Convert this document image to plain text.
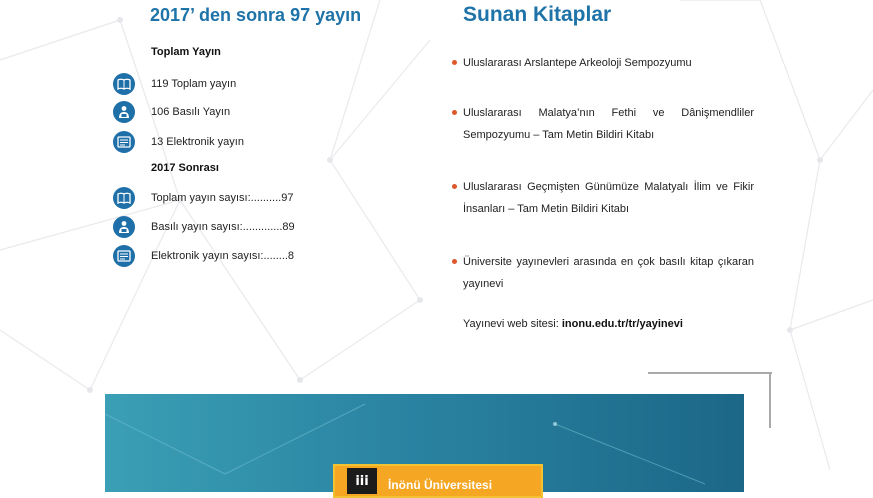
2017’ den sonra 97 yayın
Toplam Yayın
119 Toplam yayın
106 Basılı Yayın
13 Elektronik yayın
2017 Sonrası
Toplam yayın sayısı:..........97
Basılı yayın sayısı:.............89
Elektronik yayın sayısı:........8
Sunan Kitaplar
Uluslararası Arslantepe Arkeoloji Sempozyumu
Uluslararası Malatya’nın Fethi ve Dânişmendliler Sempozyumu – Tam Metin Bildiri Kitabı
Uluslararası Geçmişten Günümüze Malatyalı İlim ve Fikir İnsanları – Tam Metin Bildiri Kitabı
Üniversite yayınevleri arasında en çok basılı kitap çıkaran yayınevi
Yayınevi web sitesi: inonu.edu.tr/tr/yayinevi
iii	İnönü Üniversitesi
